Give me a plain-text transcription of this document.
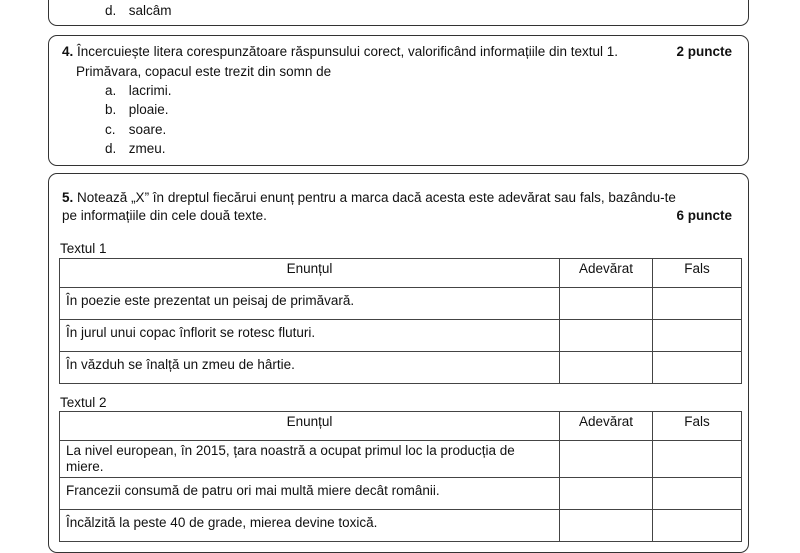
d. salcâm
4. Încercuiește litera corespunzătoare răspunsului corect, valorificând informațiile din textul 1.	2 puncte
Primăvara, copacul este trezit din somn de
a. lacrimi.
b. ploaie.
c. soare.
d. zmeu.
5. Notează „X” în dreptul fiecărui enunț pentru a marca dacă acesta este adevărat sau fals, bazându-te
pe informațiile din cele două texte.	6 puncte
Textul 1
Enunțul	Adevărat	Fals
În poezie este prezentat un peisaj de primăvară.		
În jurul unui copac înflorit se rotesc fluturi.		
În văzduh se înalță un zmeu de hârtie.		
Textul 2
Enunțul	Adevărat	Fals
La nivel european, în 2015, țara noastră a ocupat primul loc la producția de miere.		
Francezii consumă de patru ori mai multă miere decât românii.		
Încălzită la peste 40 de grade, mierea devine toxică.		
